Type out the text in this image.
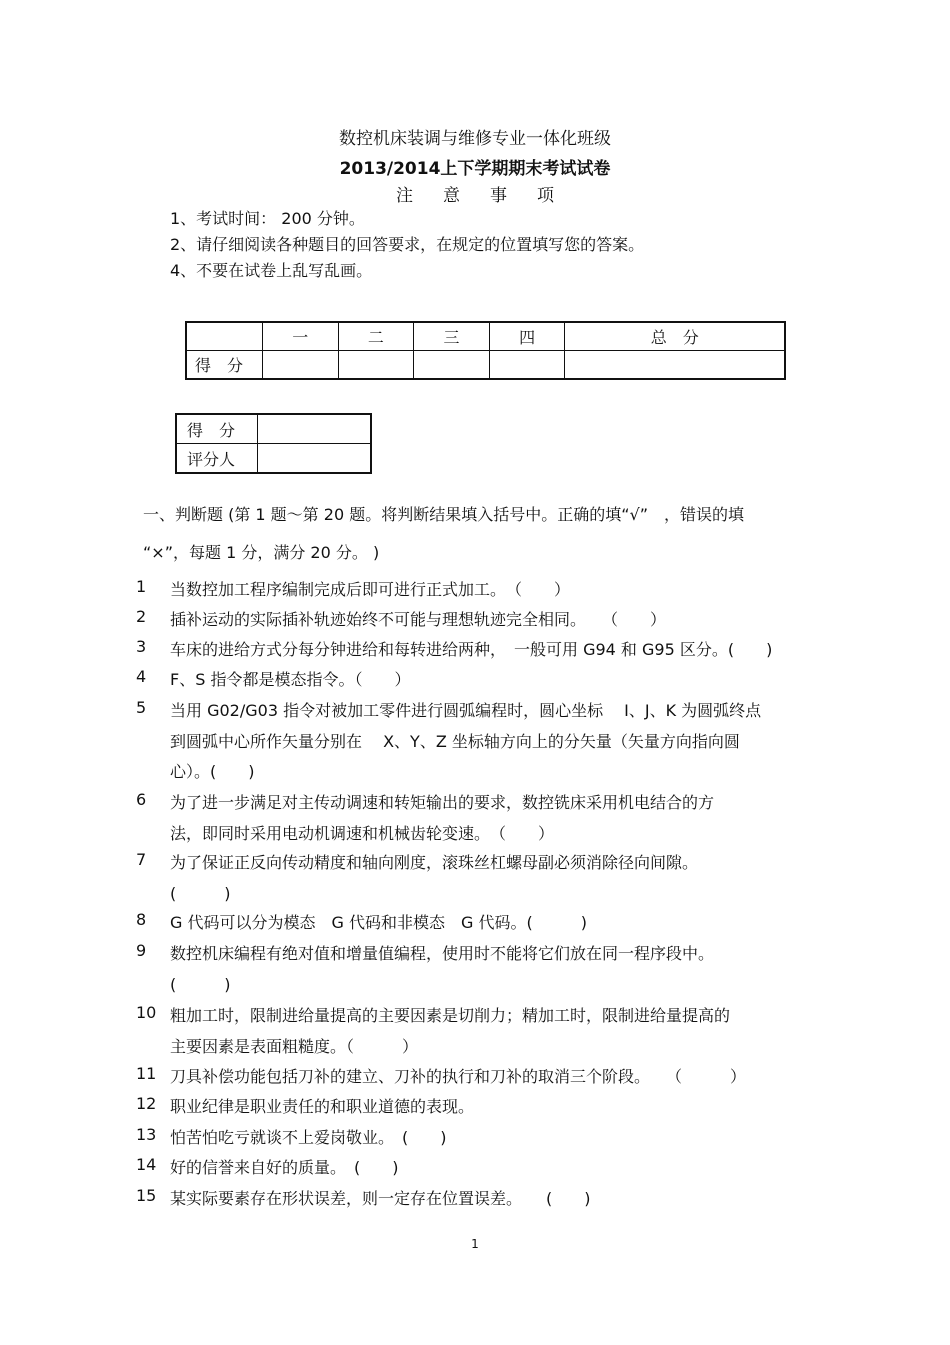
数控机床装调与维修专业一体化班级
2013/2014上下学期期末考试试卷
注意事项
1、考试时间： 200 分钟。
2、请仔细阅读各种题目的回答要求，在规定的位置填写您的答案。
4、不要在试卷上乱写乱画。
	一	二	三	四	总　分
得　分					
得　分	
评分人	
一、判断题 (第 1 题～第 20 题。将判断结果填入括号中。正确的填“√”　，错误的填
“×”，每题 1 分，满分 20 分。 )
1	当数控加工程序编制完成后即可进行正式加工。　（　　）
2	插补运动的实际插补轨迹始终不可能与理想轨迹完全相同。　　（　　）
3	车床的进给方式分每分钟进给和每转进给两种，　一般可用 G94 和 G95 区分。(　　)
4	F、S 指令都是模态指令。（　　）
5	当用 G02/G03 指令对被加工零件进行圆弧编程时，圆心坐标　 I、J、K 为圆弧终点
到圆弧中心所作矢量分别在　 X、Y、Z 坐标轴方向上的分矢量（矢量方向指向圆
心）。(　　)
6	为了进一步满足对主传动调速和转矩输出的要求，数控铣床采用机电结合的方
法，即同时采用电动机调速和机械齿轮变速。　（　　）
7	为了保证正反向传动精度和轴向刚度，滚珠丝杠螺母副必须消除径向间隙。
(　　　)
8	G 代码可以分为模态　G 代码和非模态　G 代码。(　　　)
9	数控机床编程有绝对值和增量值编程，使用时不能将它们放在同一程序段中。
(　　　)
10 粗加工时，限制进给量提高的主要因素是切削力；精加工时，限制进给量提高的
主要因素是表面粗糙度。（　　　）
11 刀具补偿功能包括刀补的建立、刀补的执行和刀补的取消三个阶段。　　（　　　）
12 职业纪律是职业责任的和职业道德的表现。
13 怕苦怕吃亏就谈不上爱岗敬业。　(　　)
14 好的信誉来自好的质量。　(　　)
15 某实际要素存在形状误差，则一定存在位置误差。　　(　　)
1
